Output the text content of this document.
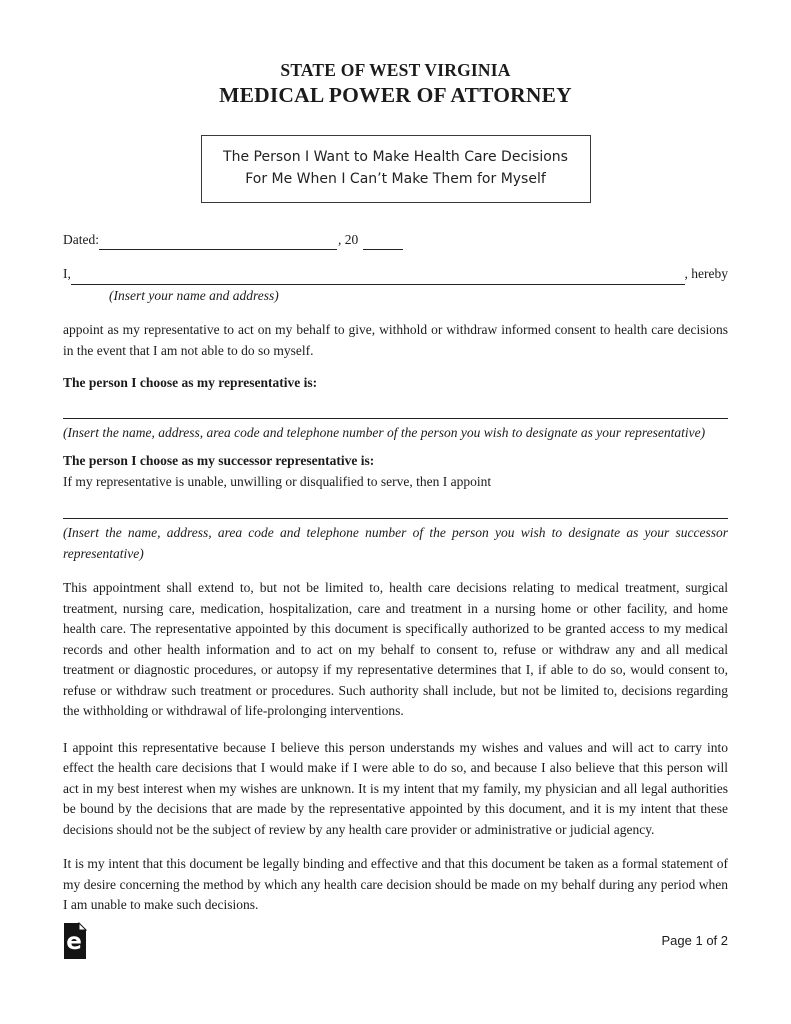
STATE OF WEST VIRGINIA
MEDICAL POWER OF ATTORNEY
The Person I Want to Make Health Care Decisions
For Me When I Can’t Make Them for Myself
Dated:	, 20
I,	, hereby
(Insert your name and address)
appoint as my representative to act on my behalf to give, withhold or withdraw informed consent to health care decisions in the event that I am not able to do so myself.
The person I choose as my representative is:
(Insert the name, address, area code and telephone number of the person you wish to designate as your representative)
The person I choose as my successor representative is:
If my representative is unable, unwilling or disqualified to serve, then I appoint
(Insert the name, address, area code and telephone number of the person you wish to designate as your successor representative)
This appointment shall extend to, but not be limited to, health care decisions relating to medical treatment, surgical treatment, nursing care, medication, hospitalization, care and treatment in a nursing home or other facility, and home health care. The representative appointed by this document is specifically authorized to be granted access to my medical records and other health information and to act on my behalf to consent to, refuse or withdraw any and all medical treatment or diagnostic procedures, or autopsy if my representative determines that I, if able to do so, would consent to, refuse or withdraw such treatment or procedures. Such authority shall include, but not be limited to, decisions regarding the withholding or withdrawal of life-prolonging interventions.
I appoint this representative because I believe this person understands my wishes and values and will act to carry into effect the health care decisions that I would make if I were able to do so, and because I also believe that this person will act in my best interest when my wishes are unknown. It is my intent that my family, my physician and all legal authorities be bound by the decisions that are made by the representative appointed by this document, and it is my intent that these decisions should not be the subject of review by any health care provider or administrative or judicial agency.
It is my intent that this document be legally binding and effective and that this document be taken as a formal statement of my desire concerning the method by which any health care decision should be made on my behalf during any period when I am unable to make such decisions.
e	Page 1 of 2
